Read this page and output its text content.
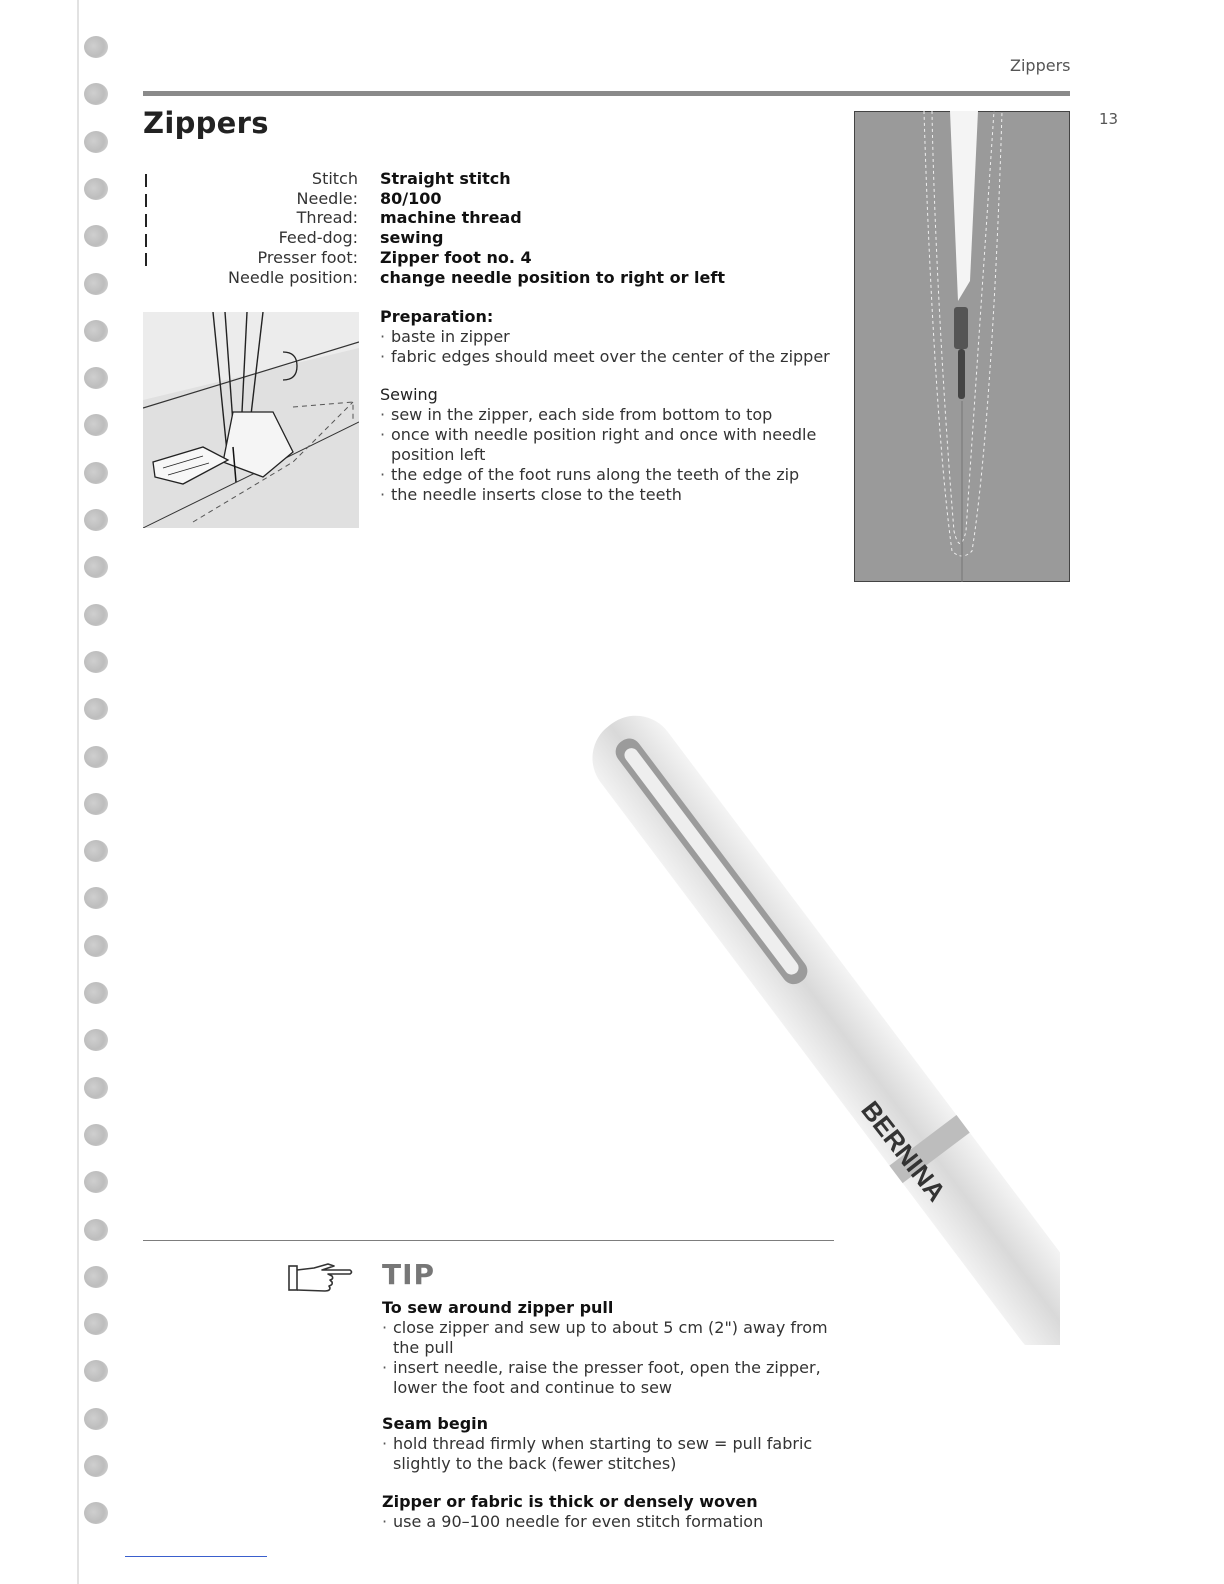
Zippers
13
Zippers
Stitch Straight stitch
Needle: 80/100
Thread: machine thread
Feed-dog: sewing
Presser foot: Zipper foot no. 4
Needle position: change needle position to right or left
Preparation:
· baste in zipper
· fabric edges should meet over the center of the zipper
Sewing
· sew in the zipper, each side from bottom to top
· once with needle position right and once with needle position left
· the edge of the foot runs along the teeth of the zip
· the needle inserts close to the teeth
BERNINA
TIP
To sew around zipper pull
· close zipper and sew up to about 5 cm (2") away from the pull
· insert needle, raise the presser foot, open the zipper, lower the foot and continue to sew
Seam begin
· hold thread firmly when starting to sew = pull fabric slightly to the back (fewer stitches)
Zipper or fabric is thick or densely woven
· use a 90–100 needle for even stitch formation
